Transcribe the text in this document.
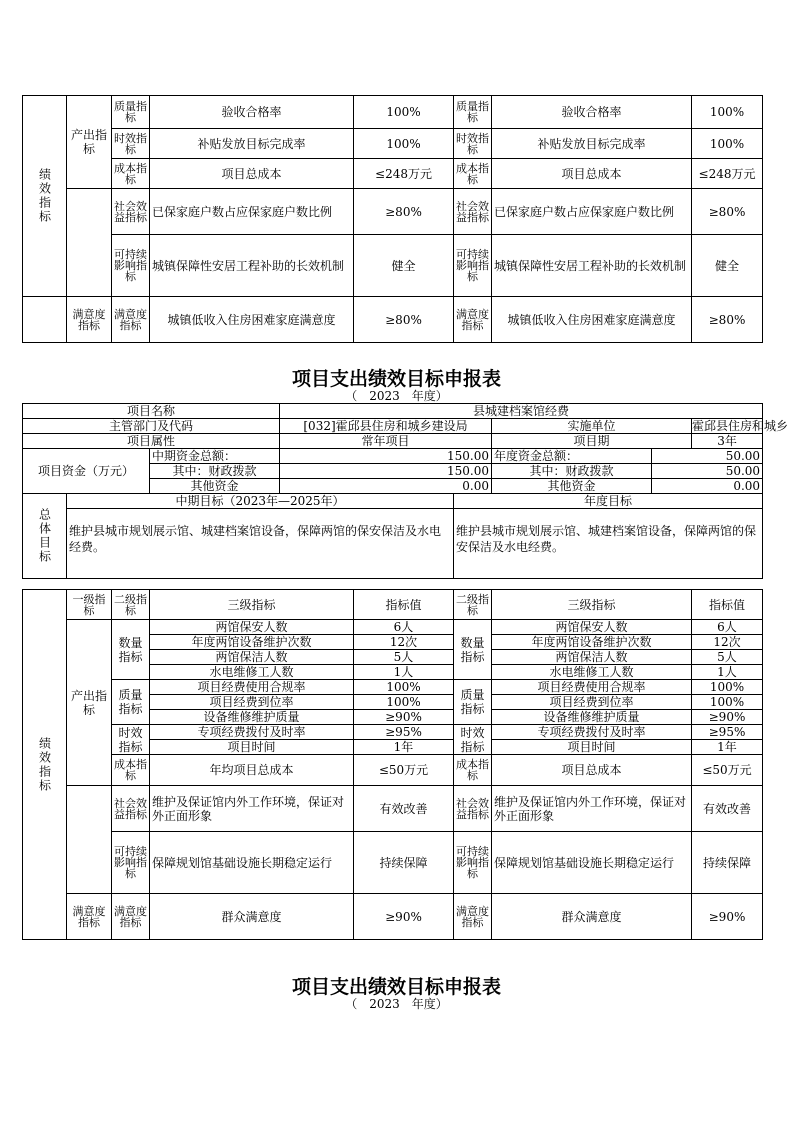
绩效指标	产出指标	质量指标	验收合格率	100%	质量指标	验收合格率	100%
		时效指标	补贴发放目标完成率	100%	时效指标	补贴发放目标完成率	100%
		成本指标	项目总成本	≤248万元	成本指标	项目总成本	≤248万元
		社会效益指标	已保家庭户数占应保家庭户数比例	≥80%	社会效益指标	已保家庭户数占应保家庭户数比例	≥80%
		可持续影响指标	城镇保障性安居工程补助的长效机制	健全	可持续影响指标	城镇保障性安居工程补助的长效机制	健全
	满意度指标	满意度指标	城镇低收入住房困难家庭满意度	≥80%	满意度指标	城镇低收入住房困难家庭满意度	≥80%
项目支出绩效目标申报表
（　2023　年度）
项目名称			县城建档案馆经费				
主管部门及代码			[032]霍邱县住房和城乡建设局		实施单位		霍邱县住房和城乡
项目属性			常年项目		项目期		3年
项目资金（万元）		中期资金总额：	150.00		年度资金总额：	50.00	
		其中：财政拨款	150.00		其中：财政拨款	50.00	
		其他资金	0.00		其他资金	0.00	
总体目标	中期目标（2023年—2025年）			年度目标			
	维护县城市规划展示馆、城建档案馆设备，保障两馆的保安保洁及水电经费。			维护县城市规划展示馆、城建档案馆设备，保障两馆的保安保洁及水电经费。			
绩效指标	一级指标	二级指标	三级指标	指标值	二级指标	三级指标	指标值
	产出指标	数量指标	两馆保安人数	6人	数量指标	两馆保安人数	6人
			年度两馆设备维护次数	12次		年度两馆设备维护次数	12次
			两馆保洁人数	5人		两馆保洁人数	5人
			水电维修工人数	1人		水电维修工人数	1人
		质量指标	项目经费使用合规率	100%	质量指标	项目经费使用合规率	100%
			项目经费到位率	100%		项目经费到位率	100%
			设备维修维护质量	≥90%		设备维修维护质量	≥90%
		时效指标	专项经费拨付及时率	≥95%	时效指标	专项经费拨付及时率	≥95%
			项目时间	1年		项目时间	1年
		成本指标	年均项目总成本	≤50万元	成本指标	项目总成本	≤50万元
		社会效益指标	维护及保证馆内外工作环境，保证对外正面形象	有效改善	社会效益指标	维护及保证馆内外工作环境，保证对外正面形象	有效改善
		可持续影响指标	保障规划馆基础设施长期稳定运行	持续保障	可持续影响指标	保障规划馆基础设施长期稳定运行	持续保障
	满意度指标	满意度指标	群众满意度	≥90%	满意度指标	群众满意度	≥90%
项目支出绩效目标申报表
（　2023　年度）
